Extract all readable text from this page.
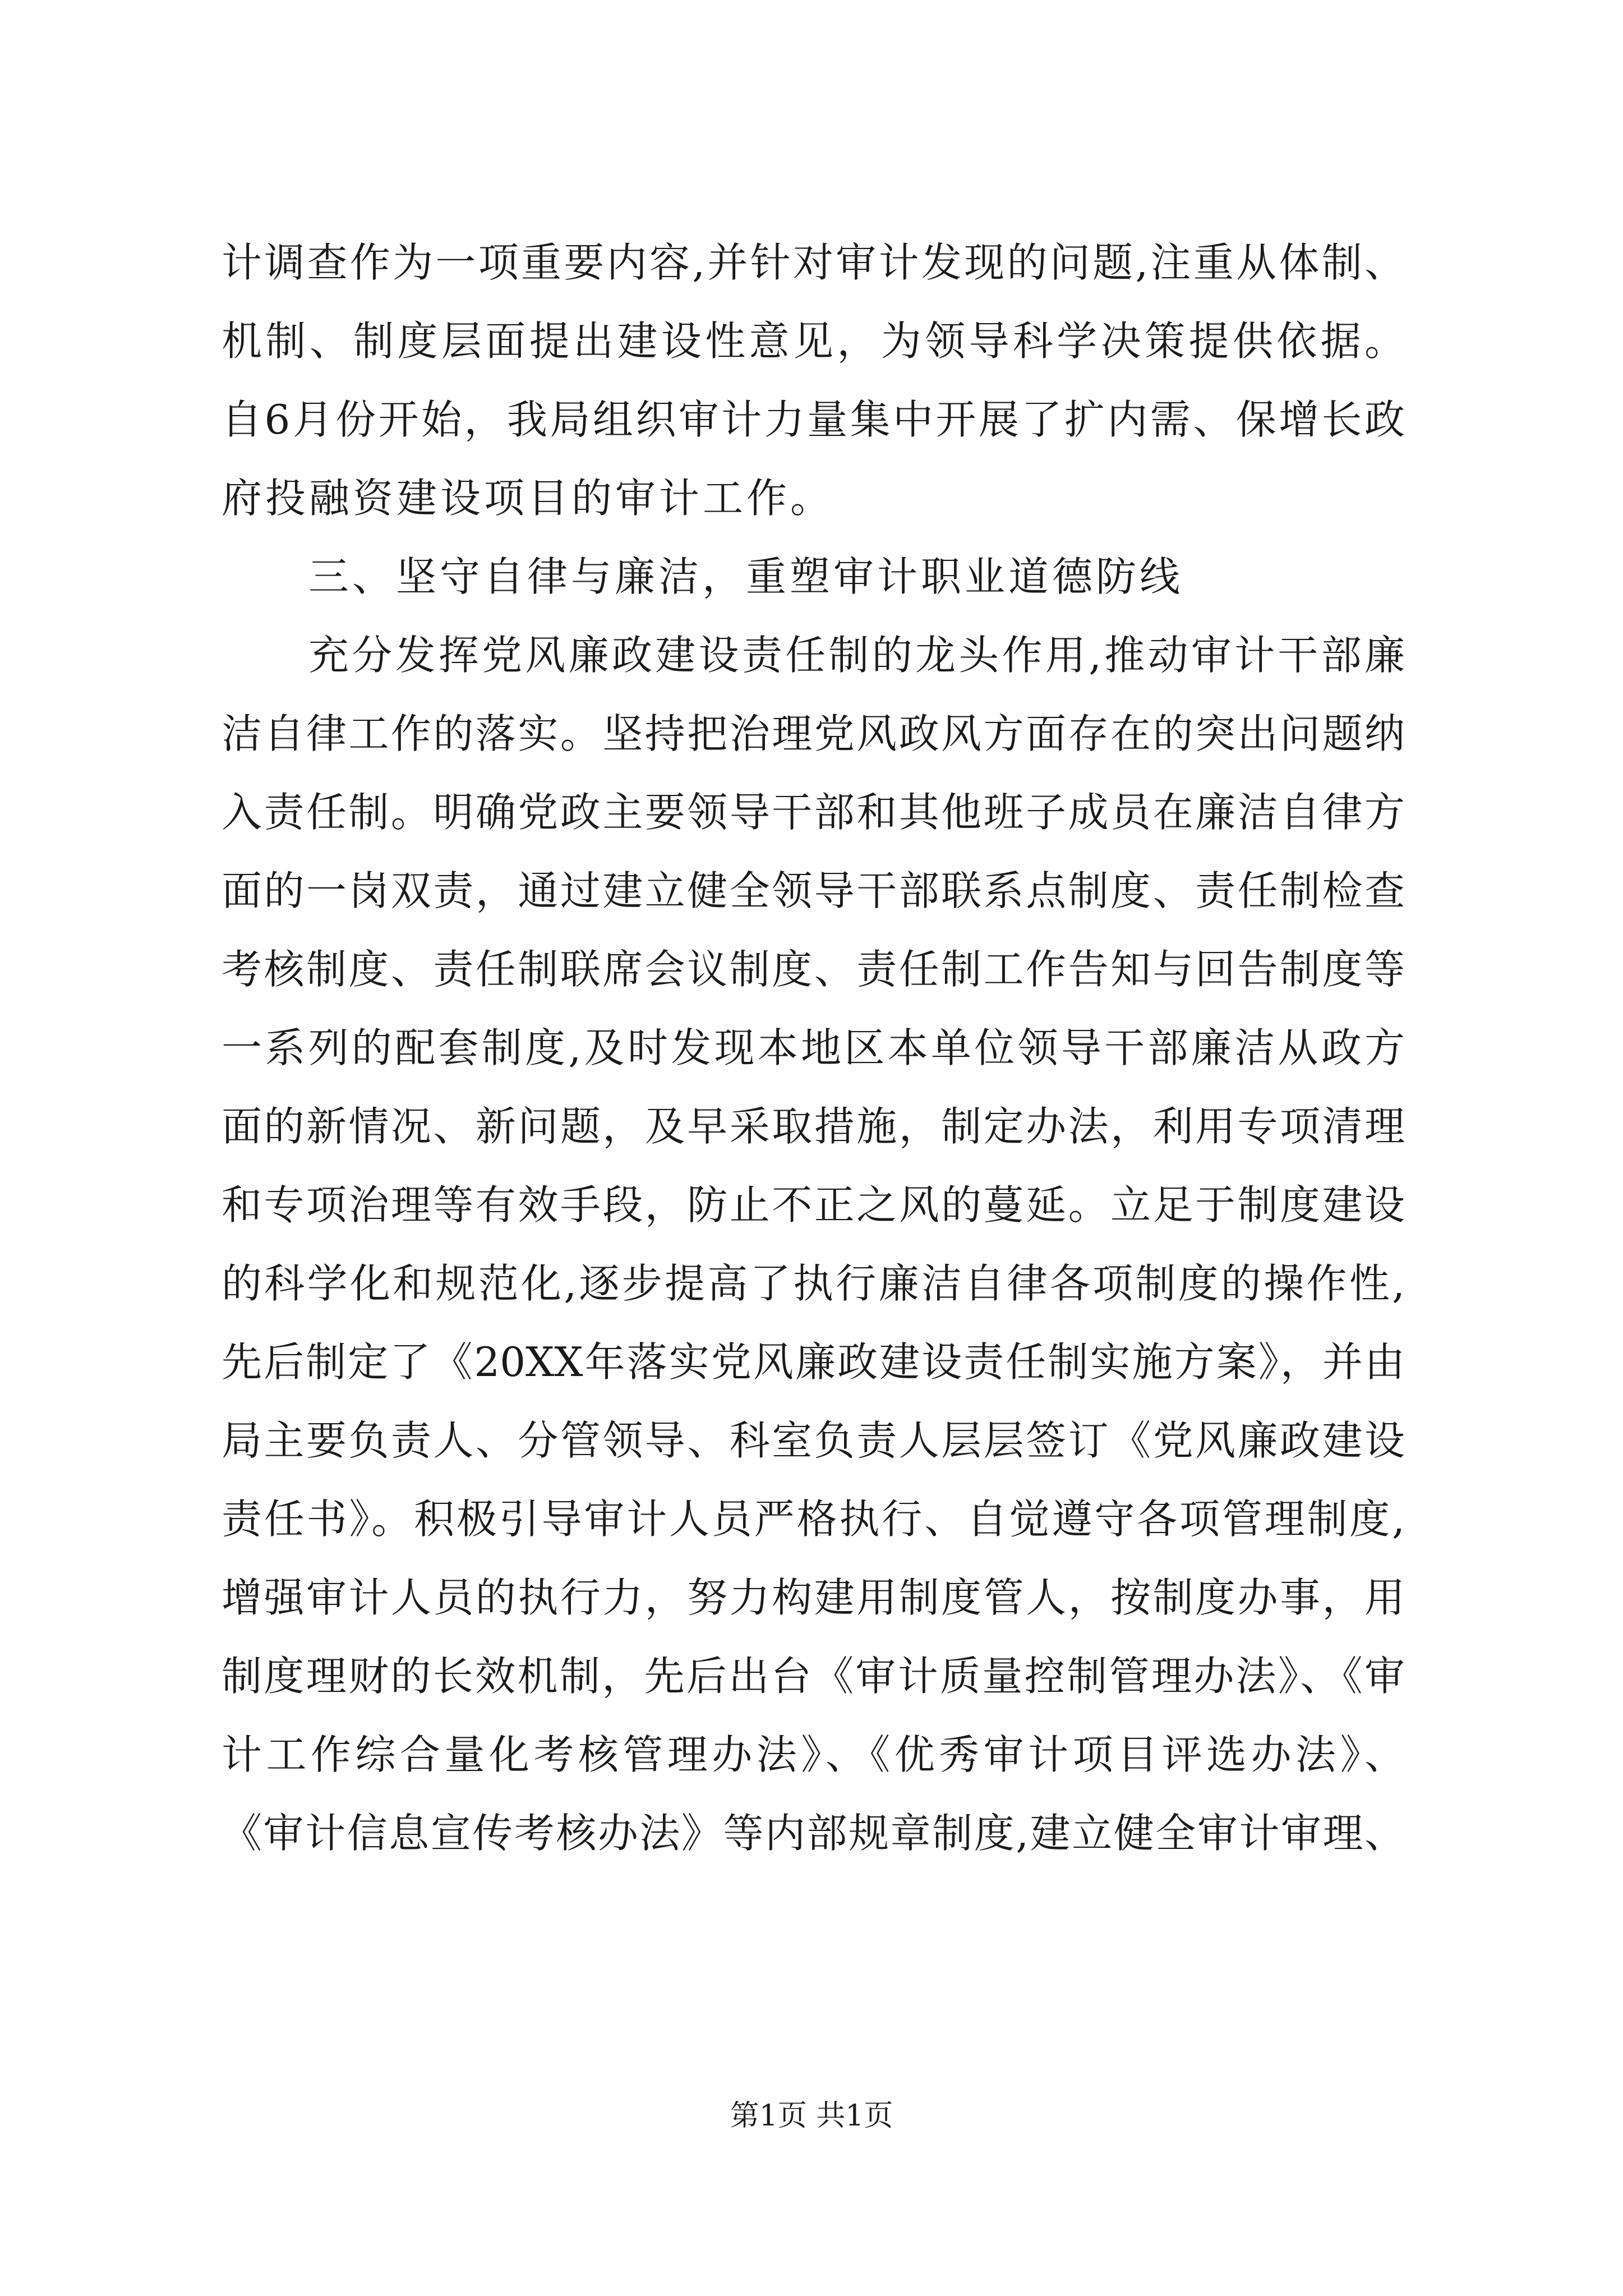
计调查作为一项重要内容,并针对审计发现的问题,注重从体制、
机制、制度层面提出建设性意见，为领导科学决策提供依据。
自6月份开始，我局组织审计力量集中开展了扩内需、保增长政
府投融资建设项目的审计工作。
三、坚守自律与廉洁，重塑审计职业道德防线
充分发挥党风廉政建设责任制的龙头作用,推动审计干部廉
洁自律工作的落实。坚持把治理党风政风方面存在的突出问题纳
入责任制。明确党政主要领导干部和其他班子成员在廉洁自律方
面的一岗双责，通过建立健全领导干部联系点制度、责任制检查
考核制度、责任制联席会议制度、责任制工作告知与回告制度等
一系列的配套制度,及时发现本地区本单位领导干部廉洁从政方
面的新情况、新问题，及早采取措施，制定办法，利用专项清理
和专项治理等有效手段，防止不正之风的蔓延。立足于制度建设
的科学化和规范化,逐步提高了执行廉洁自律各项制度的操作性,
先后制定了《20XX年落实党风廉政建设责任制实施方案》，并由
局主要负责人、分管领导、科室负责人层层签订《党风廉政建设
责任书》。积极引导审计人员严格执行、自觉遵守各项管理制度,
增强审计人员的执行力，努力构建用制度管人，按制度办事，用
制度理财的长效机制，先后出台《审计质量控制管理办法》、《审
计工作综合量化考核管理办法》、《优秀审计项目评选办法》、
《审计信息宣传考核办法》等内部规章制度,建立健全审计审理、
第1页 共1页
